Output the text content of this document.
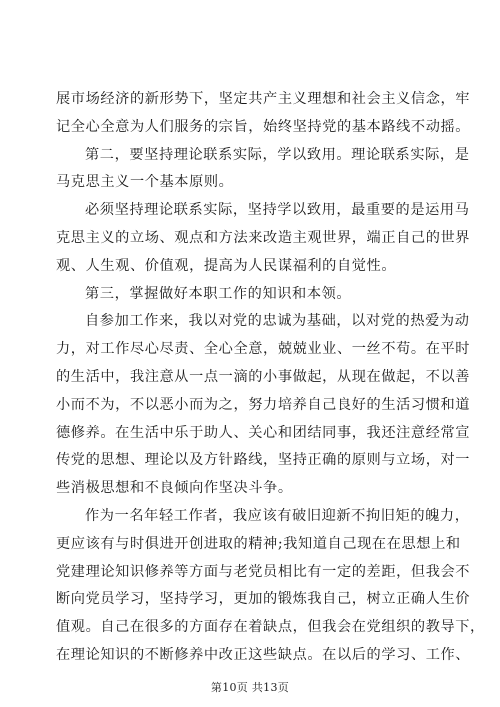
展市场经济的新形势下，坚定共产主义理想和社会主义信念，牢
记全心全意为人们服务的宗旨，始终坚持党的基本路线不动摇。
第二，要坚持理论联系实际，学以致用。理论联系实际，是
马克思主义一个基本原则。
必须坚持理论联系实际，坚持学以致用，最重要的是运用马
克思主义的立场、观点和方法来改造主观世界，端正自己的世界
观、人生观、价值观，提高为人民谋福利的自觉性。
第三，掌握做好本职工作的知识和本领。
自参加工作来，我以对党的忠诚为基础，以对党的热爱为动
力，对工作尽心尽责、全心全意，兢兢业业、一丝不苟。在平时
的生活中，我注意从一点一滴的小事做起，从现在做起，不以善
小而不为，不以恶小而为之，努力培养自己良好的生活习惯和道
德修养。在生活中乐于助人、关心和团结同事，我还注意经常宣
传党的思想、理论以及方针路线，坚持正确的原则与立场，对一
些消极思想和不良倾向作坚决斗争。
作为一名年轻工作者，我应该有破旧迎新不拘旧矩的魄力，
更应该有与时俱进开创进取的精神;我知道自己现在在思想上和
党建理论知识修养等方面与老党员相比有一定的差距，但我会不
断向党员学习，坚持学习，更加的锻炼我自己，树立正确人生价
值观。自己在很多的方面存在着缺点，但我会在党组织的教导下，
在理论知识的不断修养中改正这些缺点。在以后的学习、工作、
第10页 共13页
